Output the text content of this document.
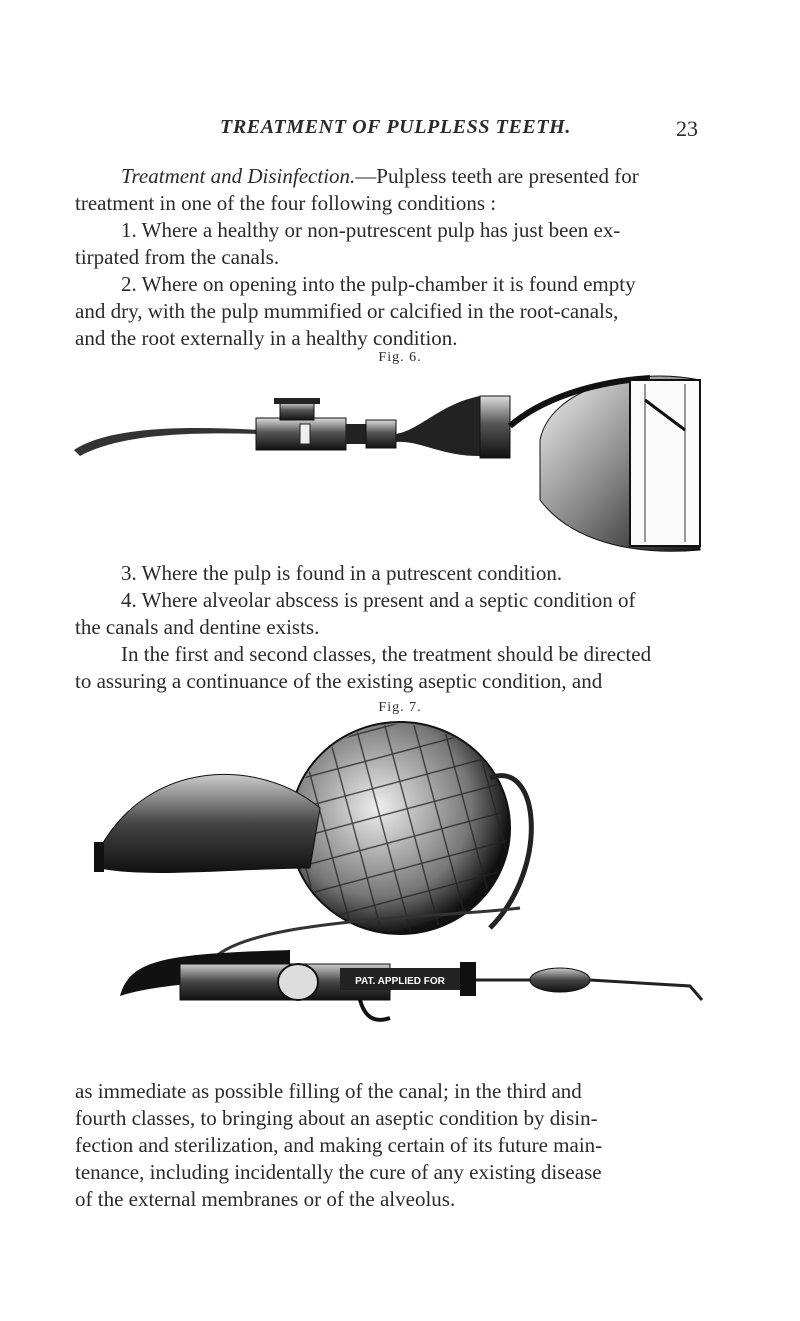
TREATMENT OF PULPLESS TEETH.	23
Treatment and Disinfection.—Pulpless teeth are presented for
treatment in one of the four following conditions :
1. Where a healthy or non-putrescent pulp has just been ex-
tirpated from the canals.
2. Where on opening into the pulp-chamber it is found empty
and dry, with the pulp mummified or calcified in the root-canals,
and the root externally in a healthy condition.
Fig. 6.
3. Where the pulp is found in a putrescent condition.
4. Where alveolar abscess is present and a septic condition of
the canals and dentine exists.
In the first and second classes, the treatment should be directed
to assuring a continuance of the existing aseptic condition, and
Fig. 7.
PAT. APPLIED FOR
as immediate as possible filling of the canal; in the third and
fourth classes, to bringing about an aseptic condition by disin-
fection and sterilization, and making certain of its future main-
tenance, including incidentally the cure of any existing disease
of the external membranes or of the alveolus.
